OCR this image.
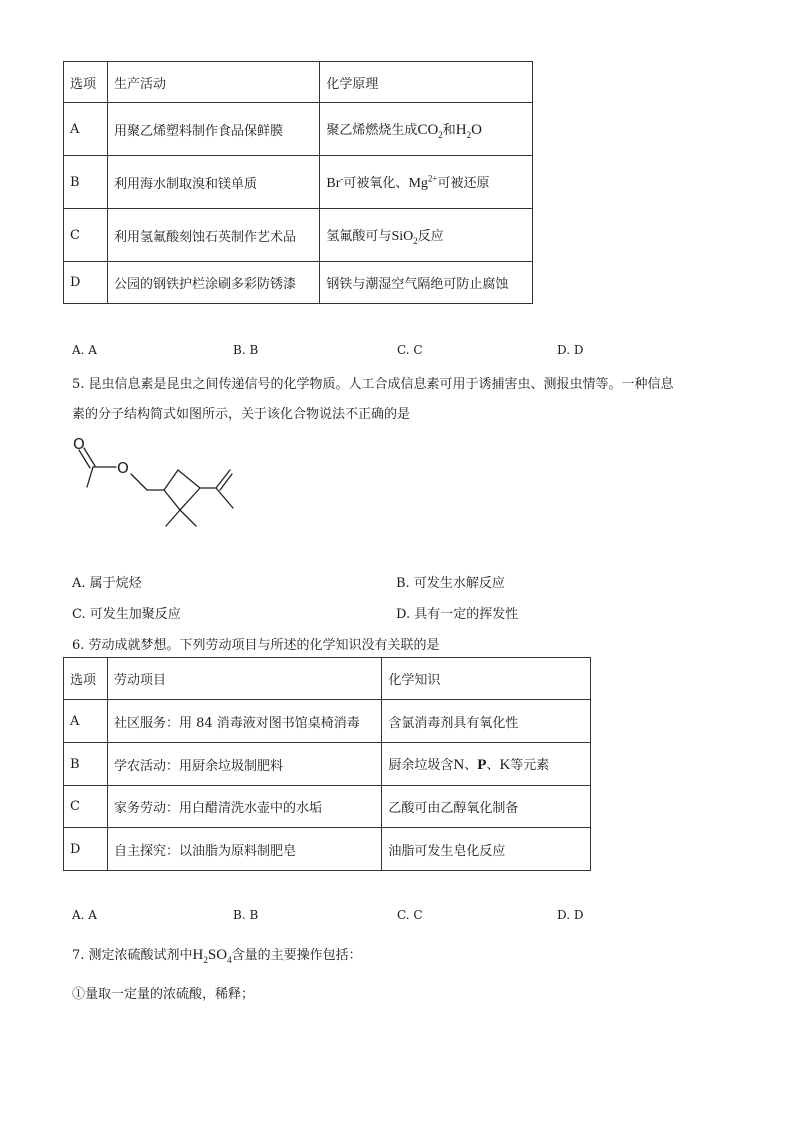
选项	生产活动	化学原理
A	用聚乙烯塑料制作食品保鲜膜	聚乙烯燃烧生成$CO_2$和$H_2O$
B	利用海水制取溴和镁单质	Br-可被氧化、$Mg^{2+}$可被还原
C	利用氢氟酸刻蚀石英制作艺术品	氢氟酸可与SiO$_2$反应
D	公园的钢铁护栏涂刷多彩防锈漆	钢铁与潮湿空气隔绝可防止腐蚀
A. A	B. B	C. C	D. D
5. 昆虫信息素是昆虫之间传递信号的化学物质。人工合成信息素可用于诱捕害虫、测报虫情等。一种信息
素的分子结构简式如图所示，关于该化合物说法不正确的是
O
O
A. 属于烷烃	B. 可发生水解反应
C. 可发生加聚反应	D. 具有一定的挥发性
6. 劳动成就梦想。下列劳动项目与所述的化学知识没有关联的是
选项	劳动项目	化学知识
A	社区服务：用 84 消毒液对图书馆桌椅消毒	含氯消毒剂具有氧化性
B	学农活动：用厨余垃圾制肥料	厨余垃圾含N、P、K等元素
C	家务劳动：用白醋清洗水壶中的水垢	乙酸可由乙醇氧化制备
D	自主探究：以油脂为原料制肥皂	油脂可发生皂化反应
A. A	B. B	C. C	D. D
7. 测定浓硫酸试剂中$H_2SO_4$含量的主要操作包括：
①量取一定量的浓硫酸，稀释；
